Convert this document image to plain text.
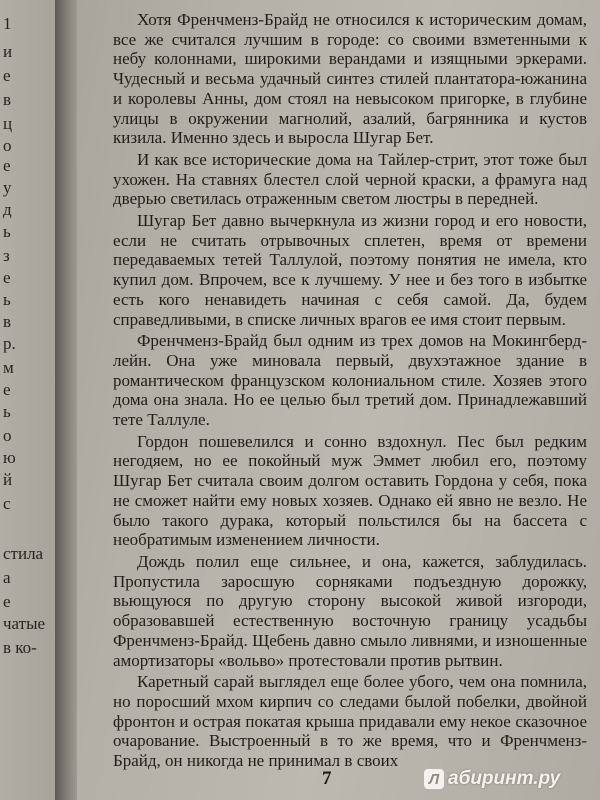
1
и
е
в
ц
о
е
у
д
ь
з
е
ь
в
р.
м
е
ь
о
ю
й
с
стила
а
е
чатые
в ко-

Хотя Френчменз-Брайд не относился к историческим домам, все же считался лучшим в городе: со своими взметенными к небу колоннами, широкими верандами и изящными эркерами. Чудесный и весьма удачный синтез стилей плантатора-южанина и королевы Анны, дом стоял на невысоком пригорке, в глубине улицы в окружении магнолий, азалий, багрянника и кустов кизила. Именно здесь и выросла Шугар Бет.

И как все исторические дома на Тайлер-стрит, этот тоже был ухожен. На ставнях блестел слой черной краски, а фрамуга над дверью светилась отраженным светом люстры в передней.

Шугар Бет давно вычеркнула из жизни город и его новости, если не считать отрывочных сплетен, время от времени передаваемых тетей Таллулой, поэтому понятия не имела, кто купил дом. Впрочем, все к лучшему. У нее и без того в избытке есть кого ненавидеть начиная с себя самой. Да, будем справедливыми, в списке личных врагов ее имя стоит первым.

Френчменз-Брайд был одним из трех домов на Мокингберд-лейн. Она уже миновала первый, двухэтажное здание в романтическом французском колониальном стиле. Хозяев этого дома она знала. Но ее целью был третий дом. Принадлежавший тете Таллуле.

Гордон пошевелился и сонно вздохнул. Пес был редким негодяем, но ее покойный муж Эммет любил его, поэтому Шугар Бет считала своим долгом оставить Гордона у себя, пока не сможет найти ему новых хозяев. Однако ей явно не везло. Не было такого дурака, который польстился бы на бассета с необратимым изменением личности.

Дождь полил еще сильнее, и она, кажется, заблудилась. Пропустила заросшую сорняками подъездную дорожку, вьющуюся по другую сторону высокой живой изгороди, образовавшей естественную восточную границу усадьбы Френчменз-Брайд. Щебень давно смыло ливнями, и изношенные амортизаторы «вольво» протестовали против рытвин.

Каретный сарай выглядел еще более убого, чем она помнила, но поросший мхом кирпич со следами былой побелки, двойной фронтон и острая покатая крыша придавали ему некое сказочное очарование. Выстроенный в то же время, что и Френчменз-Брайд, он никогда не принимал в своих

7	Л абиринт.ру
